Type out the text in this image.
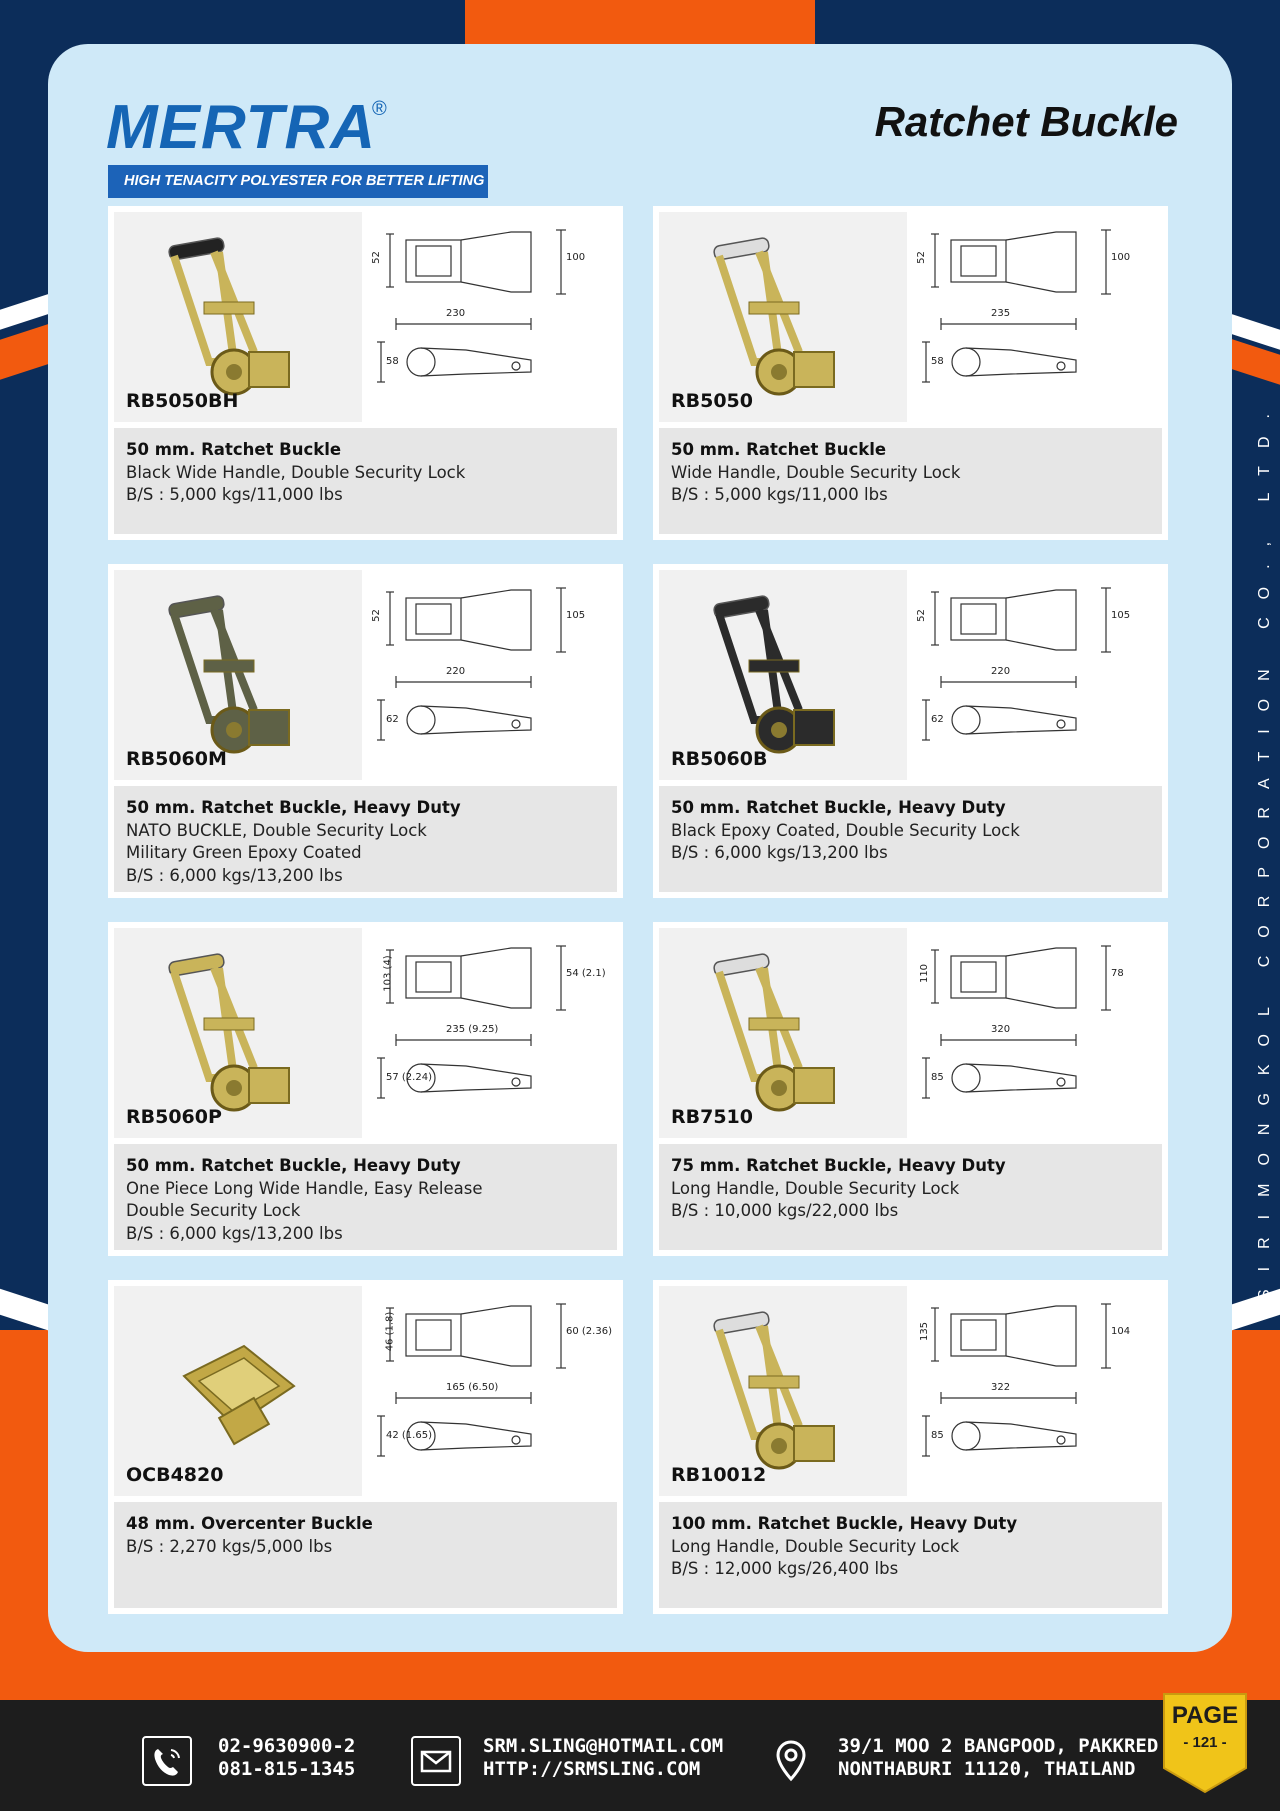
MERTRA
®
HIGH TENACITY POLYESTER FOR BETTER LIFTING
Ratchet Buckle
SIRIMONGKOL CORPORATION CO., LTD.
RB5050BH
52	100
230
58
50 mm. Ratchet Buckle
Black Wide Handle, Double Security Lock
B/S : 5,000 kgs/11,000 lbs
RB5050
52	100
235
58
50 mm. Ratchet Buckle
Wide Handle, Double Security Lock
B/S : 5,000 kgs/11,000 lbs
RB5060M
52	105
220
62
50 mm. Ratchet Buckle, Heavy Duty
NATO BUCKLE, Double Security Lock
Military Green Epoxy Coated
B/S : 6,000 kgs/13,200 lbs
RB5060B
52	105
220
62
50 mm. Ratchet Buckle, Heavy Duty
Black Epoxy Coated, Double Security Lock
B/S : 6,000 kgs/13,200 lbs
RB5060P
103 (4)	54 (2.1)
235 (9.25)
57 (2.24)
50 mm. Ratchet Buckle, Heavy Duty
One Piece Long Wide Handle, Easy Release
Double Security Lock
B/S : 6,000 kgs/13,200 lbs
RB7510
110	78
320
85
75 mm. Ratchet Buckle, Heavy Duty
Long Handle, Double Security Lock
B/S : 10,000 kgs/22,000 lbs
OCB4820
46 (1.8)	60 (2.36)
165 (6.50)
42 (1.65)
48 mm. Overcenter Buckle
B/S : 2,270 kgs/5,000 lbs
RB10012
135	104
322
85
100 mm. Ratchet Buckle, Heavy Duty
Long Handle, Double Security Lock
B/S : 12,000 kgs/26,400 lbs
02-9630900-2
081-815-1345
SRM.SLING@HOTMAIL.COM
HTTP://SRMSLING.COM
39/1 MOO 2 BANGPOOD, PAKKRED
NONTHABURI 11120, THAILAND
PAGE
- 121 -
